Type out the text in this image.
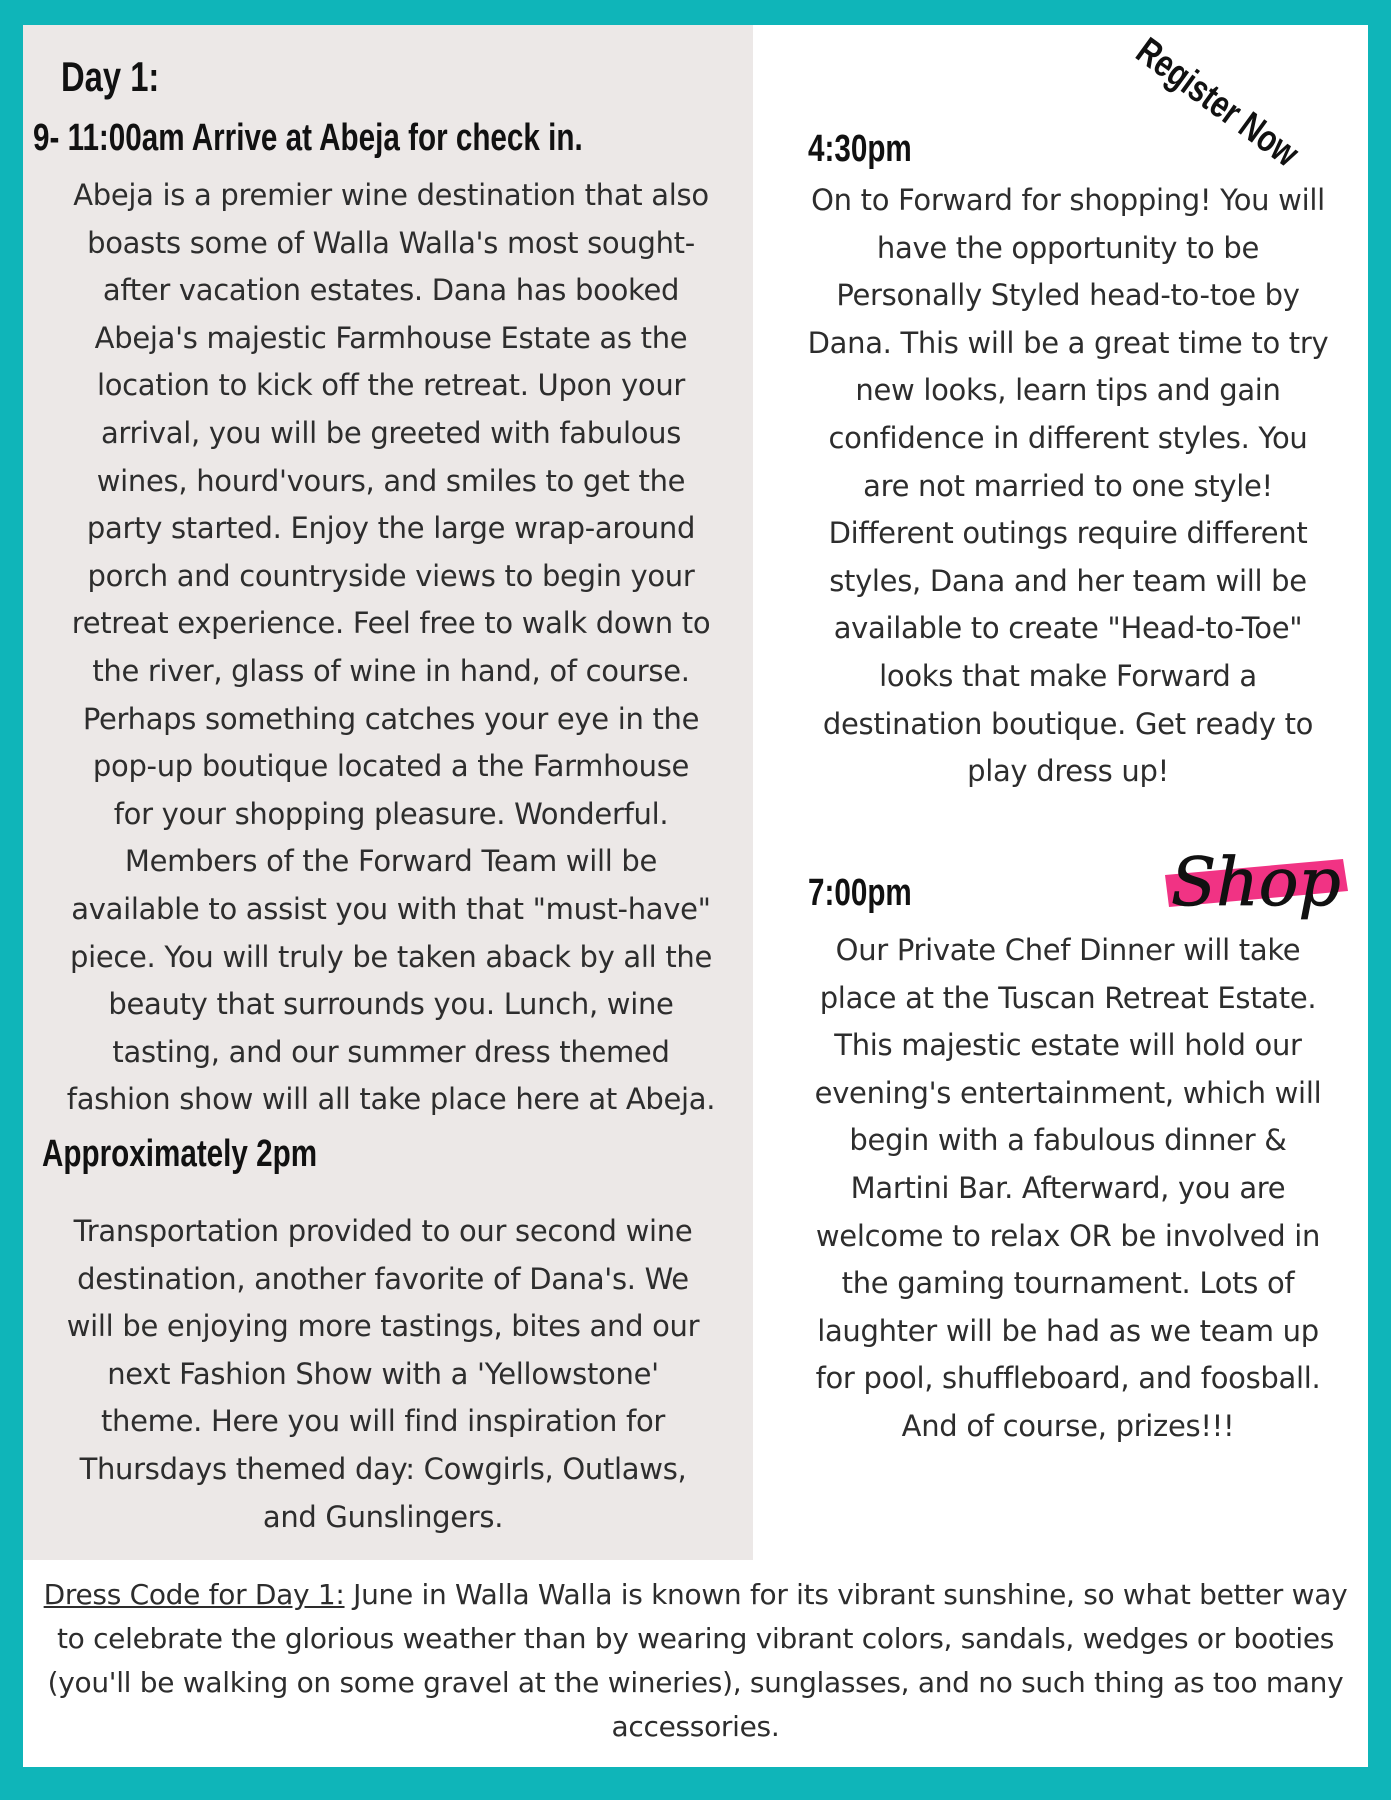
Day 1:
9- 11:00am Arrive at Abeja for check in.
Abeja is a premier wine destination that also
boasts some of Walla Walla's most sought-
after vacation estates. Dana has booked
Abeja's majestic Farmhouse Estate as the
location to kick off the retreat. Upon your
arrival, you will be greeted with fabulous
wines, hourd'vours, and smiles to get the
party started. Enjoy the large wrap-around
porch and countryside views to begin your
retreat experience. Feel free to walk down to
the river, glass of wine in hand, of course.
Perhaps something catches your eye in the
pop-up boutique located a the Farmhouse
for your shopping pleasure. Wonderful.
Members of the Forward Team will be
available to assist you with that "must-have"
piece. You will truly be taken aback by all the
beauty that surrounds you. Lunch, wine
tasting, and our summer dress themed
fashion show will all take place here at Abeja.
Approximately 2pm
Transportation provided to our second wine
destination, another favorite of Dana's. We
will be enjoying more tastings, bites and our
next Fashion Show with a 'Yellowstone'
theme. Here you will find inspiration for
Thursdays themed day: Cowgirls, Outlaws,
and Gunslingers.
4:30pm
On to Forward for shopping! You will
have the opportunity to be
Personally Styled head-to-toe by
Dana. This will be a great time to try
new looks, learn tips and gain
confidence in different styles. You
are not married to one style!
Different outings require different
styles, Dana and her team will be
available to create "Head-to-Toe"
looks that make Forward a
destination boutique. Get ready to
play dress up!
7:00pm
Our Private Chef Dinner will take
place at the Tuscan Retreat Estate.
This majestic estate will hold our
evening's entertainment, which will
begin with a fabulous dinner &
Martini Bar. Afterward, you are
welcome to relax OR be involved in
the gaming tournament. Lots of
laughter will be had as we team up
for pool, shuffleboard, and foosball.
And of course, prizes!!!
Register Now
Shop
Dress Code for Day 1: June in Walla Walla is known for its vibrant sunshine, so what better way to celebrate the glorious weather than by wearing vibrant colors, sandals, wedges or booties (you'll be walking on some gravel at the wineries), sunglasses, and no such thing as too many accessories.
